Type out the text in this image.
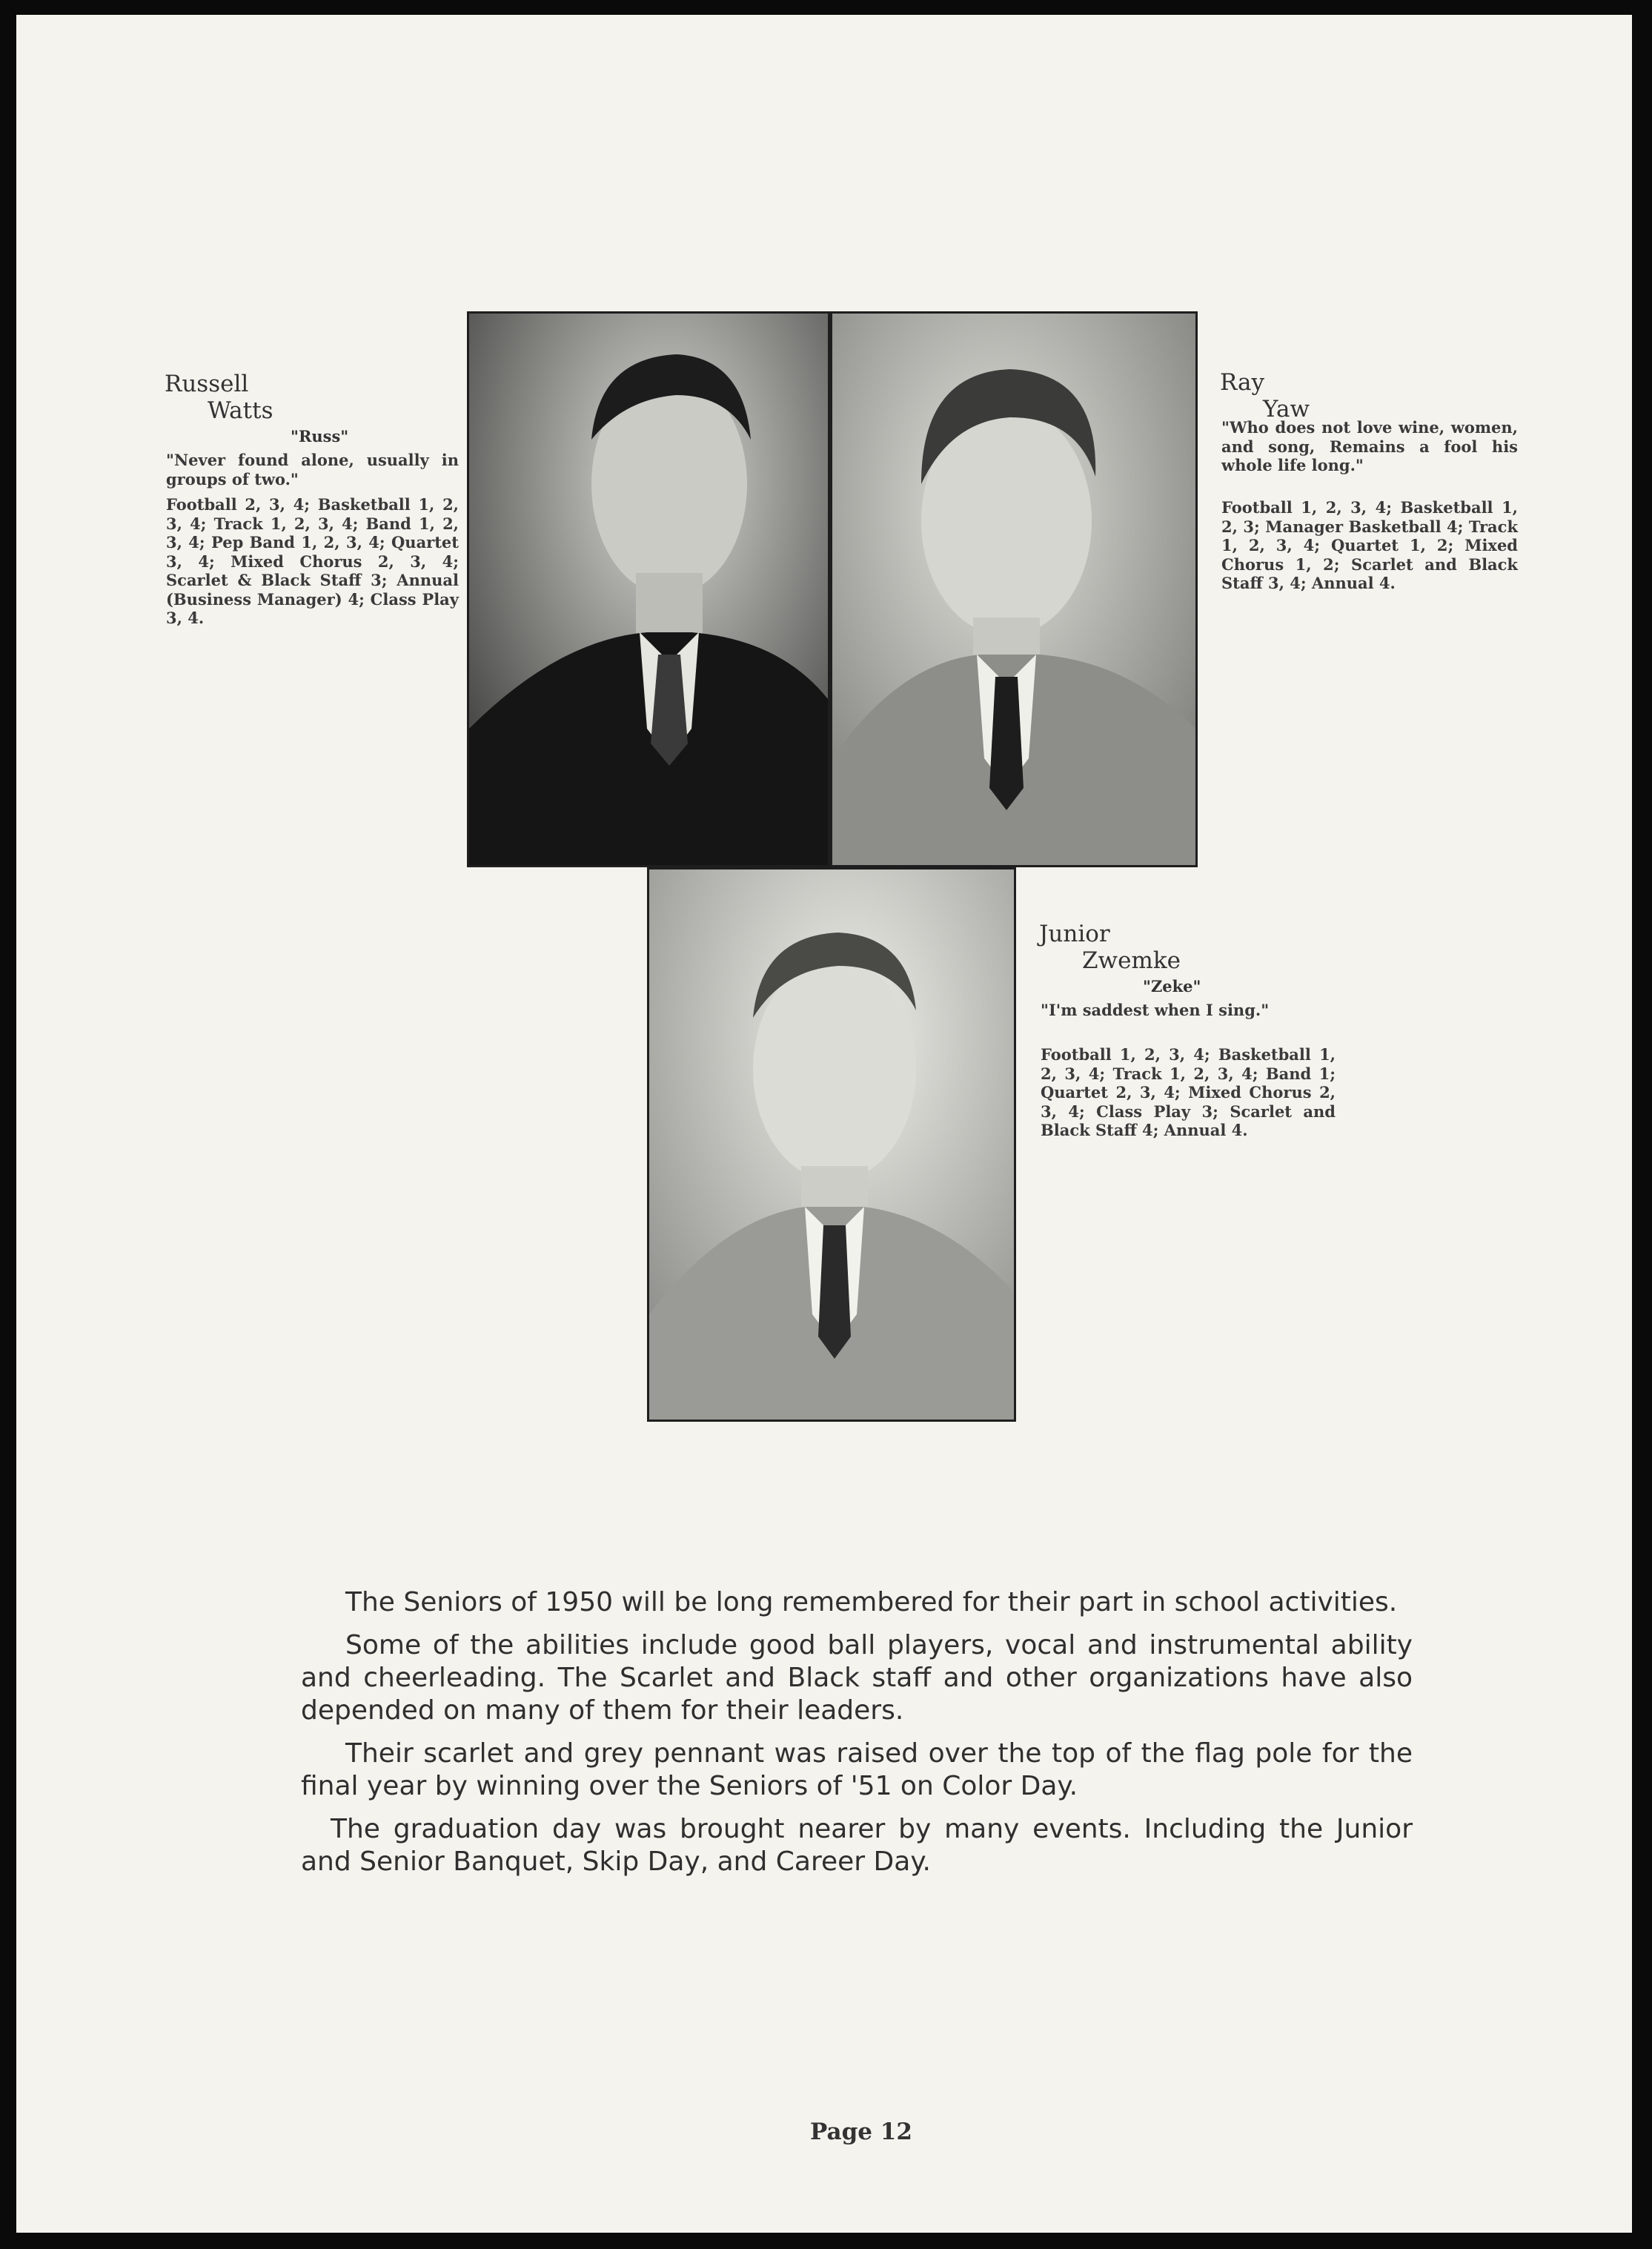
Russell
Watts
"Russ"

"Never found alone, usually in groups of two."

Football 2, 3, 4; Basketball 1, 2, 3, 4; Track 1, 2, 3, 4; Band 1, 2, 3, 4; Pep Band 1, 2, 3, 4; Quartet 3, 4; Mixed Chorus 2, 3, 4; Scarlet & Black Staff 3; Annual (Business Manager) 4; Class Play 3, 4.

Ray
Yaw

"Who does not love wine, women, and song, Remains a fool his whole life long."

Football 1, 2, 3, 4; Basketball 1, 2, 3; Manager Basketball 4; Track 1, 2, 3, 4; Quartet 1, 2; Mixed Chorus 1, 2; Scarlet and Black Staff 3, 4; Annual 4.

Junior
Zwemke
"Zeke"

"I'm saddest when I sing."

Football 1, 2, 3, 4; Basketball 1, 2, 3, 4; Track 1, 2, 3, 4; Band 1; Quartet 2, 3, 4; Mixed Chorus 2, 3, 4; Class Play 3; Scarlet and Black Staff 4; Annual 4.

The Seniors of 1950 will be long remembered for their part in school activities.

Some of the abilities include good ball players, vocal and instrumental ability and cheerleading. The Scarlet and Black staff and other organizations have also depended on many of them for their leaders.

Their scarlet and grey pennant was raised over the top of the flag pole for the final year by winning over the Seniors of '51 on Color Day.

The graduation day was brought nearer by many events. Including the Junior and Senior Banquet, Skip Day, and Career Day.

Page 12
